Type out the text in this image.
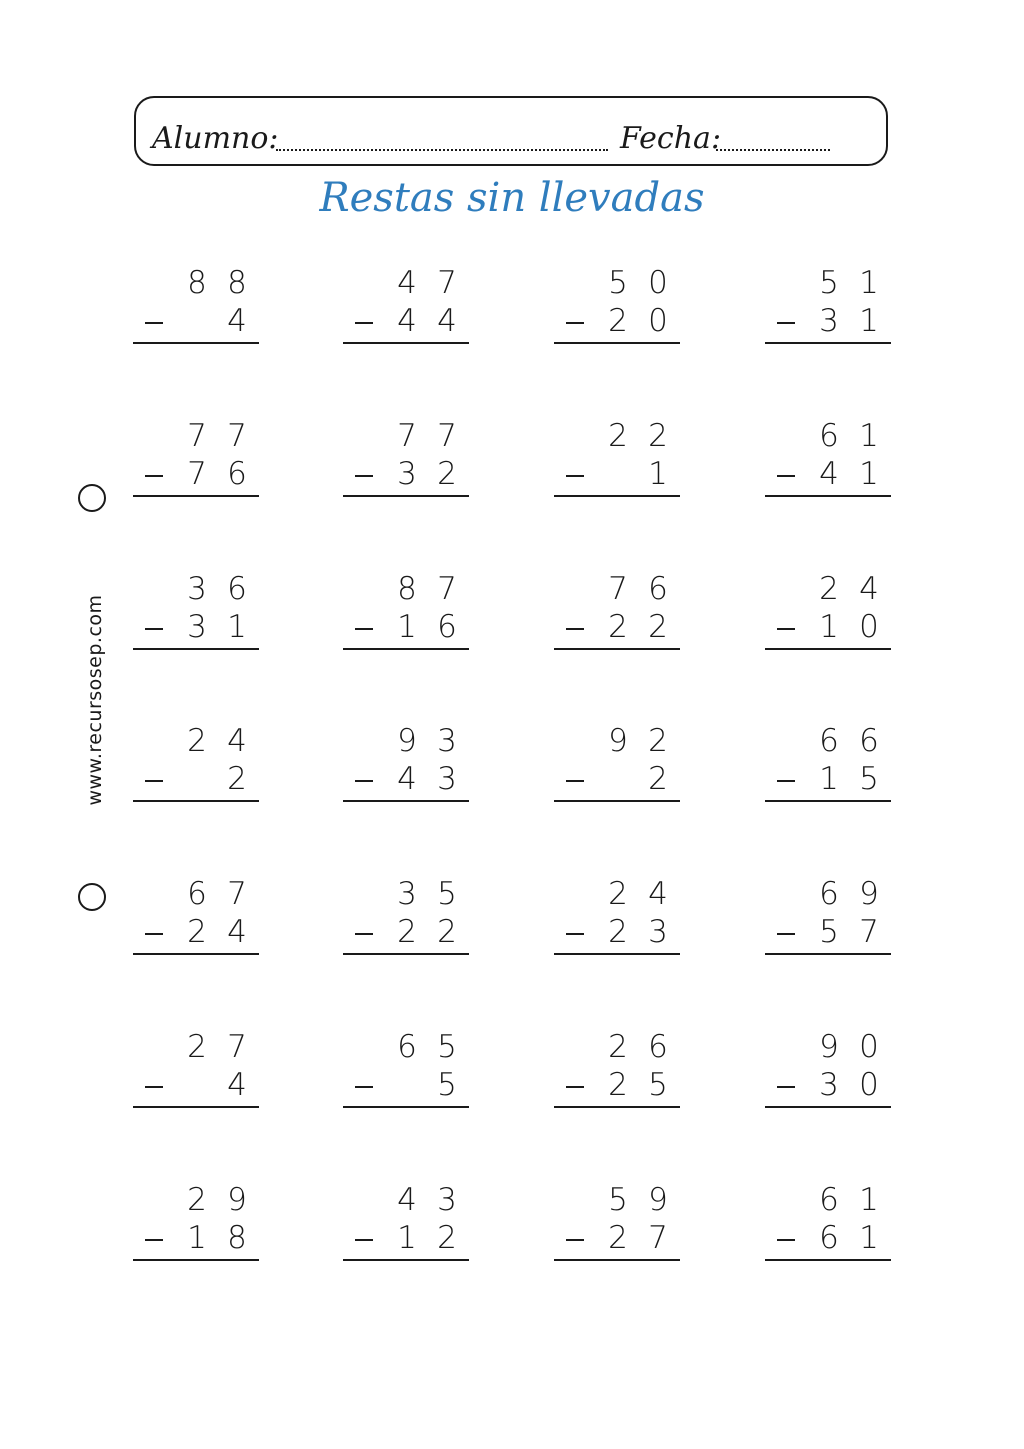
Alumno:	Fecha:
Restas sin llevadas
www.recursosep.com
8 8
4
4 7
4 4
5 0
2 0
5 1
3 1
7 7
7 6
7 7
3 2
2 2
1
6 1
4 1
3 6
3 1
8 7
1 6
7 6
2 2
2 4
1 0
2 4
2
9 3
4 3
9 2
2
6 6
1 5
6 7
2 4
3 5
2 2
2 4
2 3
6 9
5 7
2 7
4
6 5
5
2 6
2 5
9 0
3 0
2 9
1 8
4 3
1 2
5 9
2 7
6 1
6 1
